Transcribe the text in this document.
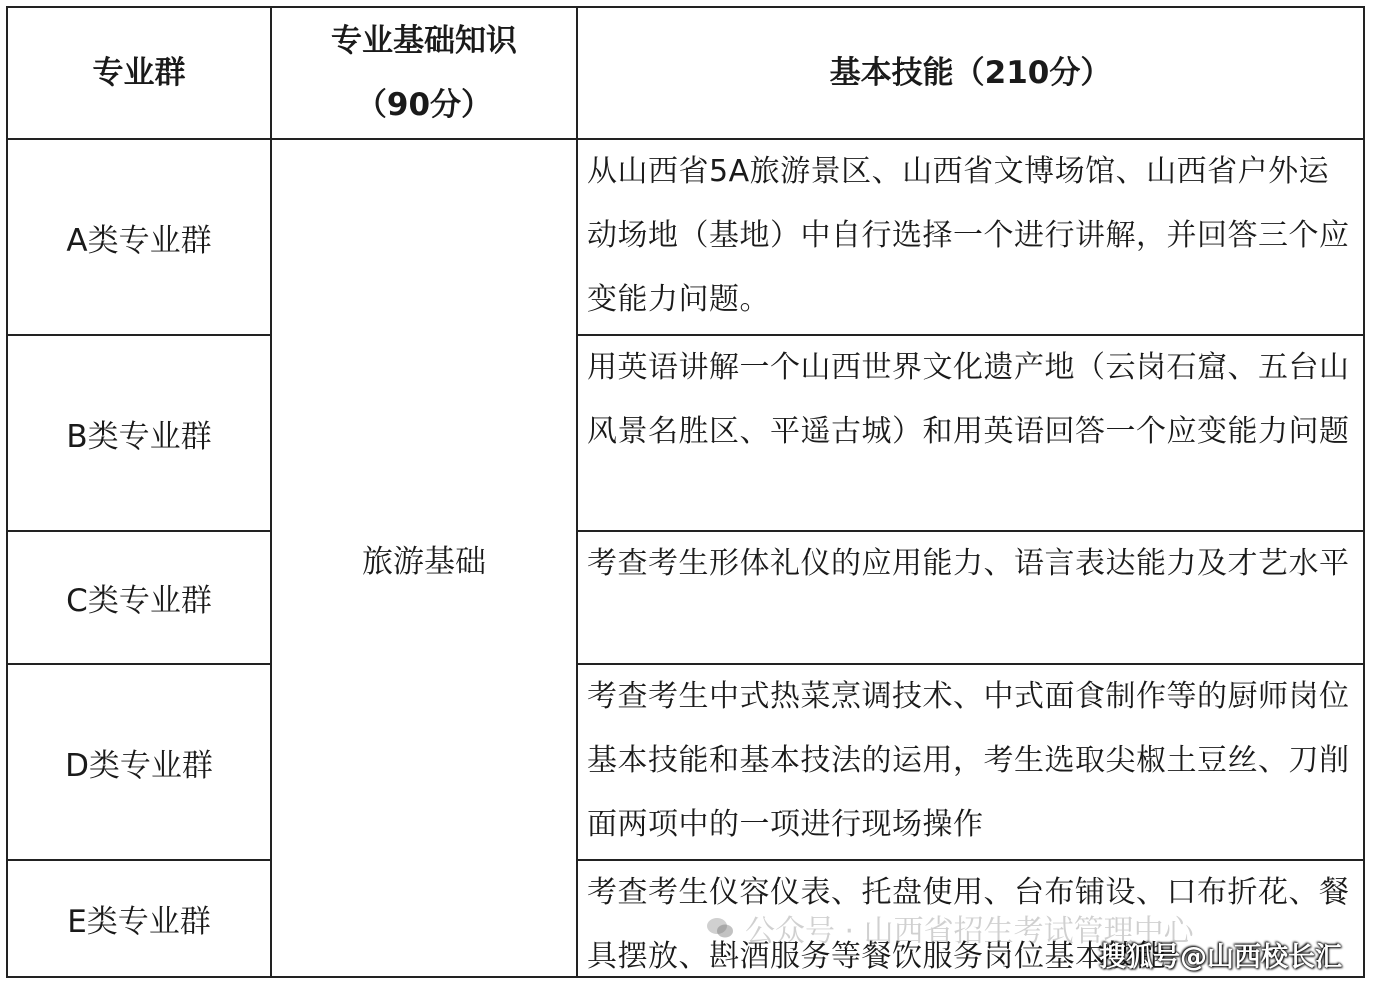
专业群
专业基础知识（90分）
基本技能（210分）
旅游基础
A类专业群
从山西省5A旅游景区、山西省文博场馆、山西省户外运动场地（基地）中自行选择一个进行讲解，并回答三个应变能力问题。
B类专业群
用英语讲解一个山西世界文化遗产地（云岗石窟、五台山风景名胜区、平遥古城）和用英语回答一个应变能力问题
C类专业群
考查考生形体礼仪的应用能力、语言表达能力及才艺水平
D类专业群
考查考生中式热菜烹调技术、中式面食制作等的厨师岗位基本技能和基本技法的运用，考生选取尖椒土豆丝、刀削面两项中的一项进行现场操作
E类专业群
考查考生仪容仪表、托盘使用、台布铺设、口布折花、餐具摆放、斟酒服务等餐饮服务岗位基本技能
公众号 · 山西省招生考试管理中心
搜狐号@山西校长汇
